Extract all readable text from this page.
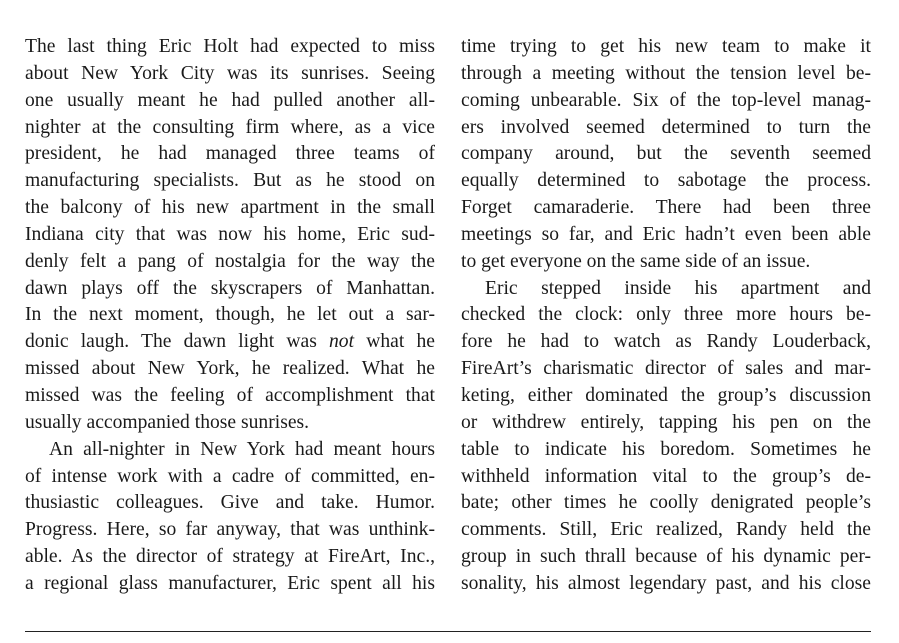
The last thing Eric Holt had expected to miss
about New York City was its sunrises. Seeing
one usually meant he had pulled another all-
nighter at the consulting firm where, as a vice
president, he had managed three teams of
manufacturing specialists. But as he stood on
the balcony of his new apartment in the small
Indiana city that was now his home, Eric sud-
denly felt a pang of nostalgia for the way the
dawn plays off the skyscrapers of Manhattan.
In the next moment, though, he let out a sar-
donic laugh. The dawn light was not what he
missed about New York, he realized. What he
missed was the feeling of accomplishment that
usually accompanied those sunrises.
An all-nighter in New York had meant hours
of intense work with a cadre of committed, en-
thusiastic colleagues. Give and take. Humor.
Progress. Here, so far anyway, that was unthink-
able. As the director of strategy at FireArt, Inc.,
a regional glass manufacturer, Eric spent all his
time trying to get his new team to make it
through a meeting without the tension level be-
coming unbearable. Six of the top-level manag-
ers involved seemed determined to turn the
company around, but the seventh seemed
equally determined to sabotage the process.
Forget camaraderie. There had been three
meetings so far, and Eric hadn’t even been able
to get everyone on the same side of an issue.
Eric stepped inside his apartment and
checked the clock: only three more hours be-
fore he had to watch as Randy Louderback,
FireArt’s charismatic director of sales and mar-
keting, either dominated the group’s discussion
or withdrew entirely, tapping his pen on the
table to indicate his boredom. Sometimes he
withheld information vital to the group’s de-
bate; other times he coolly denigrated people’s
comments. Still, Eric realized, Randy held the
group in such thrall because of his dynamic per-
sonality, his almost legendary past, and his close
